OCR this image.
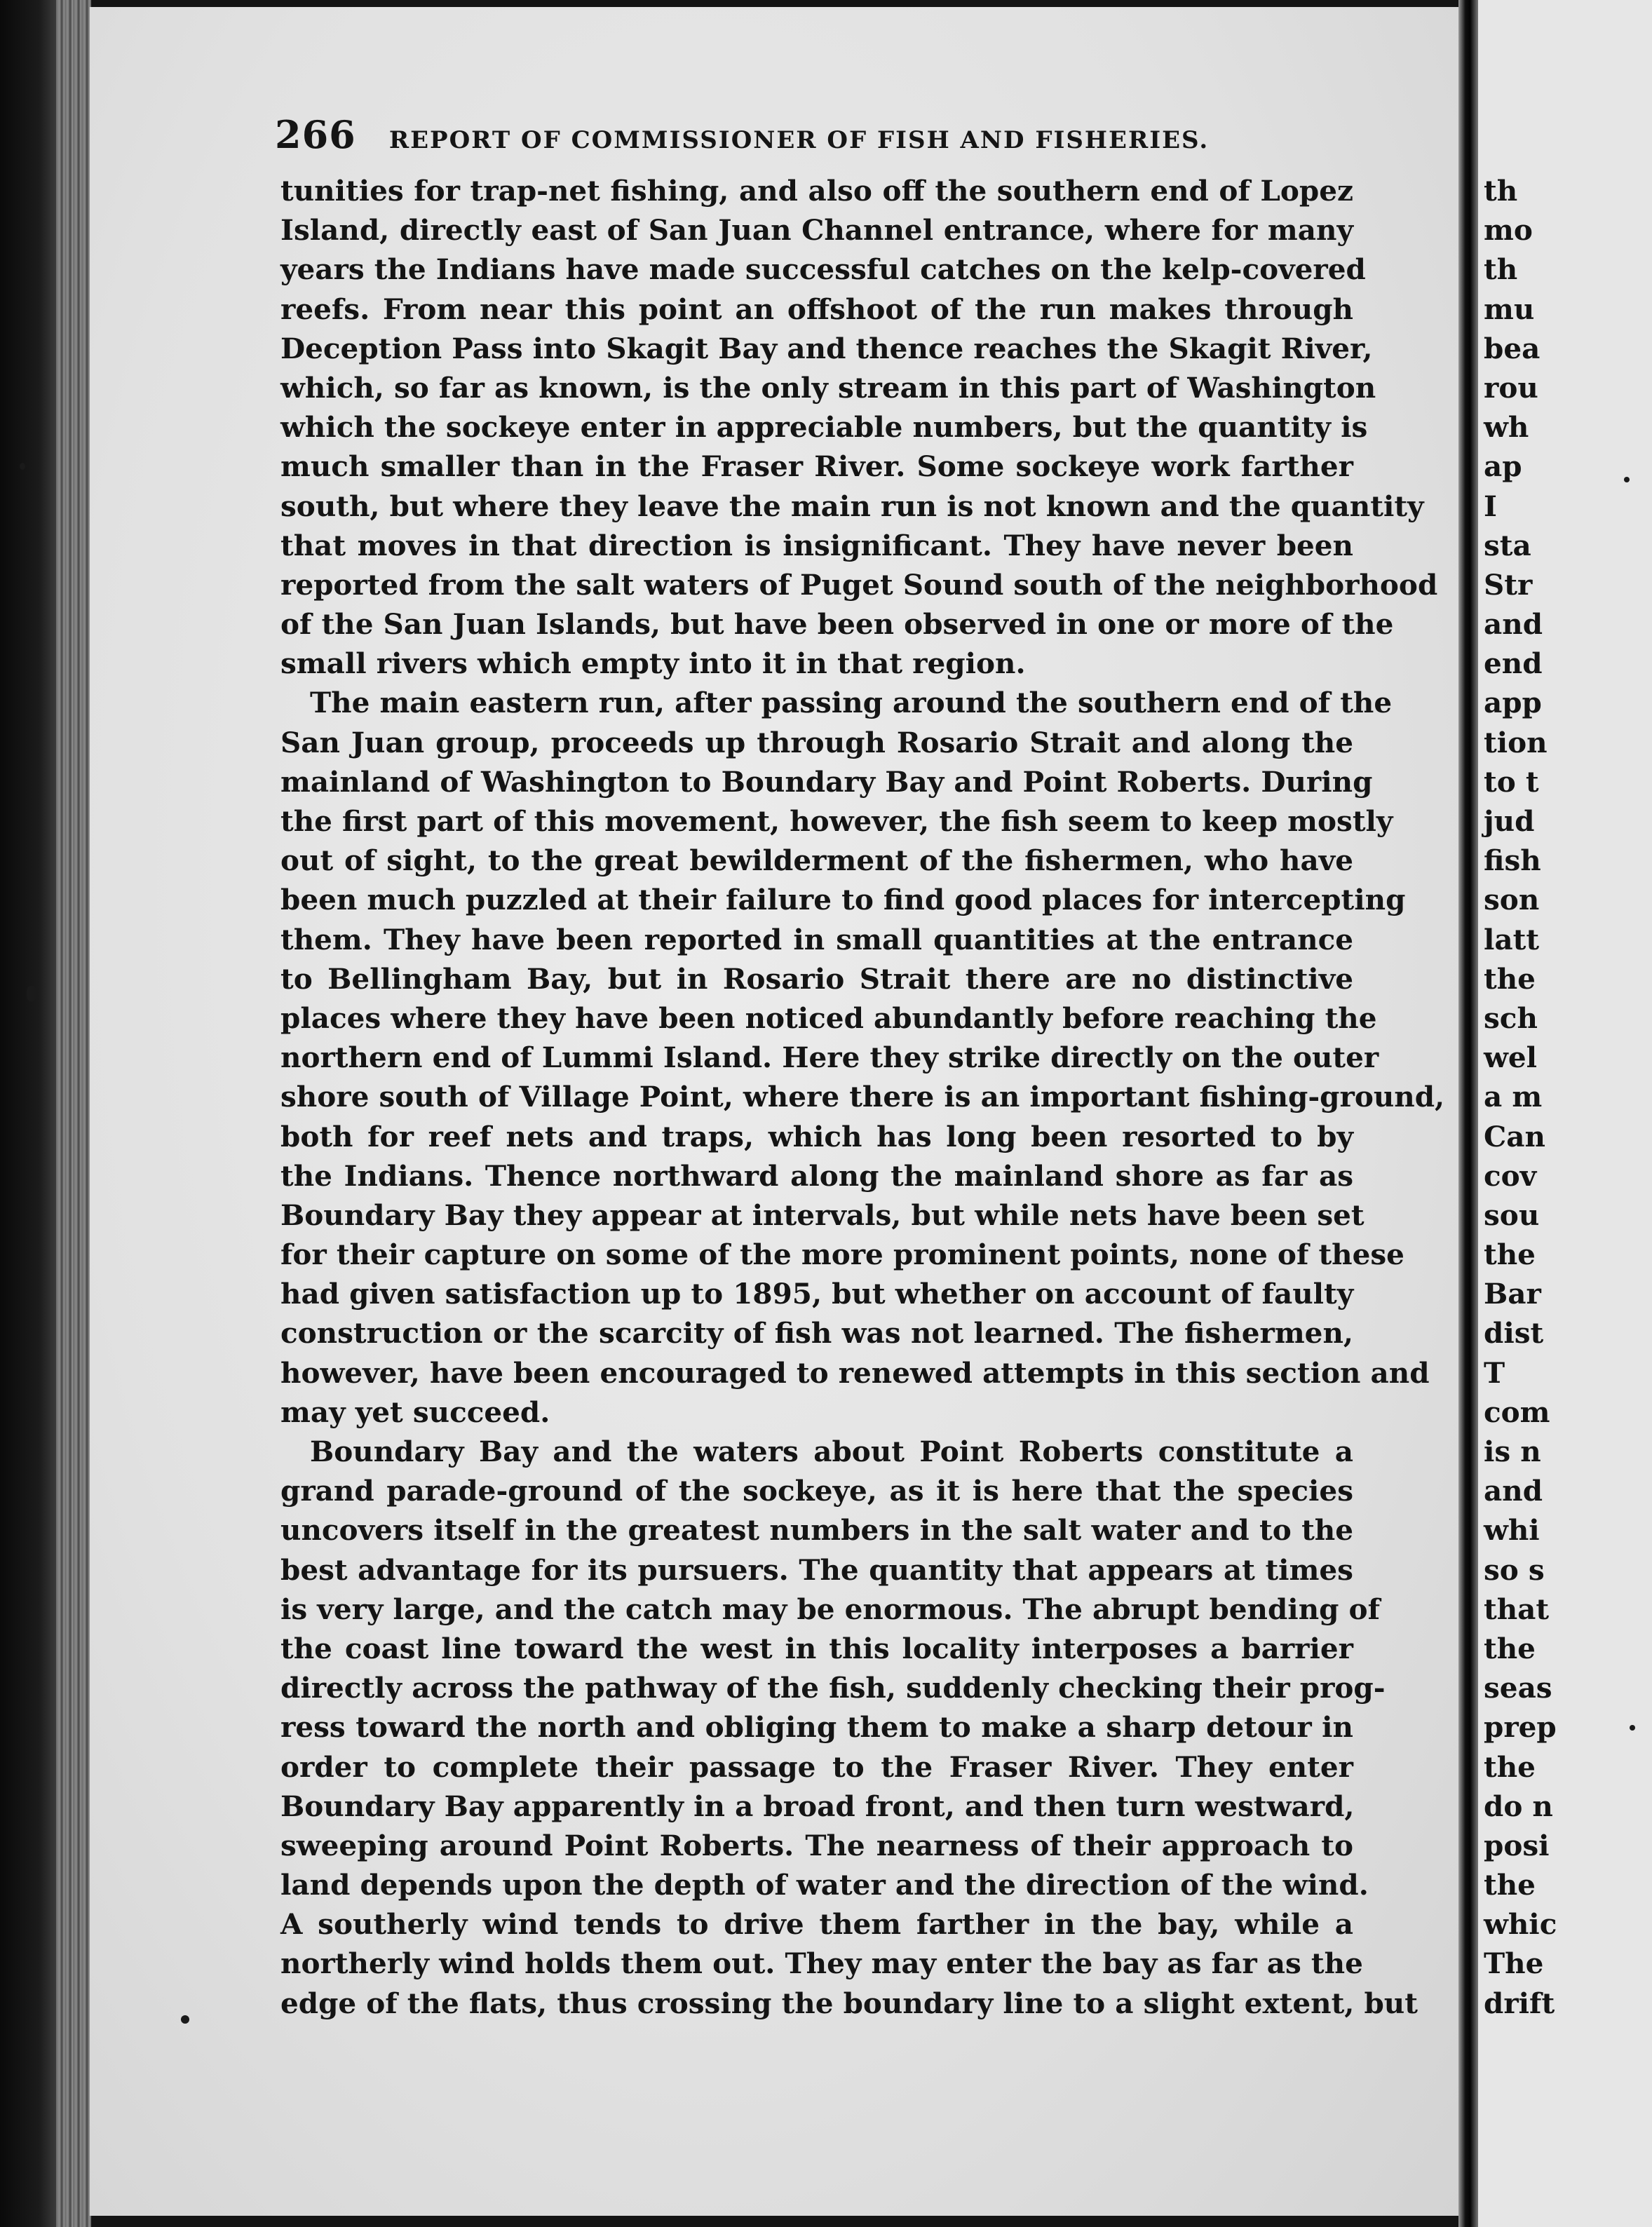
266 REPORT OF COMMISSIONER OF FISH AND FISHERIES.
tunities for trap-net fishing, and also off the southern end of Lopez
Island, directly east of San Juan Channel entrance, where for many
years the Indians have made successful catches on the kelp-covered
reefs. From near this point an offshoot of the run makes through
Deception Pass into Skagit Bay and thence reaches the Skagit River,
which, so far as known, is the only stream in this part of Washington
which the sockeye enter in appreciable numbers, but the quantity is
much smaller than in the Fraser River. Some sockeye work farther
south, but where they leave the main run is not known and the quantity
that moves in that direction is insignificant. They have never been
reported from the salt waters of Puget Sound south of the neighborhood
of the San Juan Islands, but have been observed in one or more of the
small rivers which empty into it in that region.
The main eastern run, after passing around the southern end of the
San Juan group, proceeds up through Rosario Strait and along the
mainland of Washington to Boundary Bay and Point Roberts. During
the first part of this movement, however, the fish seem to keep mostly
out of sight, to the great bewilderment of the fishermen, who have
been much puzzled at their failure to find good places for intercepting
them. They have been reported in small quantities at the entrance
to Bellingham Bay, but in Rosario Strait there are no distinctive
places where they have been noticed abundantly before reaching the
northern end of Lummi Island. Here they strike directly on the outer
shore south of Village Point, where there is an important fishing-ground,
both for reef nets and traps, which has long been resorted to by
the Indians. Thence northward along the mainland shore as far as
Boundary Bay they appear at intervals, but while nets have been set
for their capture on some of the more prominent points, none of these
had given satisfaction up to 1895, but whether on account of faulty
construction or the scarcity of fish was not learned. The fishermen,
however, have been encouraged to renewed attempts in this section and
may yet succeed.
Boundary Bay and the waters about Point Roberts constitute a
grand parade-ground of the sockeye, as it is here that the species
uncovers itself in the greatest numbers in the salt water and to the
best advantage for its pursuers. The quantity that appears at times
is very large, and the catch may be enormous. The abrupt bending of
the coast line toward the west in this locality interposes a barrier
directly across the pathway of the fish, suddenly checking their prog-
ress toward the north and obliging them to make a sharp detour in
order to complete their passage to the Fraser River. They enter
Boundary Bay apparently in a broad front, and then turn westward,
sweeping around Point Roberts. The nearness of their approach to
land depends upon the depth of water and the direction of the wind.
A southerly wind tends to drive them farther in the bay, while a
northerly wind holds them out. They may enter the bay as far as the
edge of the flats, thus crossing the boundary line to a slight extent, but
th
mo
th
mu
bea
rou
wh
ap
I
sta
Str
and
end
app
tion
to t
jud
fish
son
latt
the
sch
wel
a m
Can
cov
sou
the
Bar
dist
T
com
is n
and
whi
so s
that
the
seas
prep
the
do n
posi
the
whic
The
drift
